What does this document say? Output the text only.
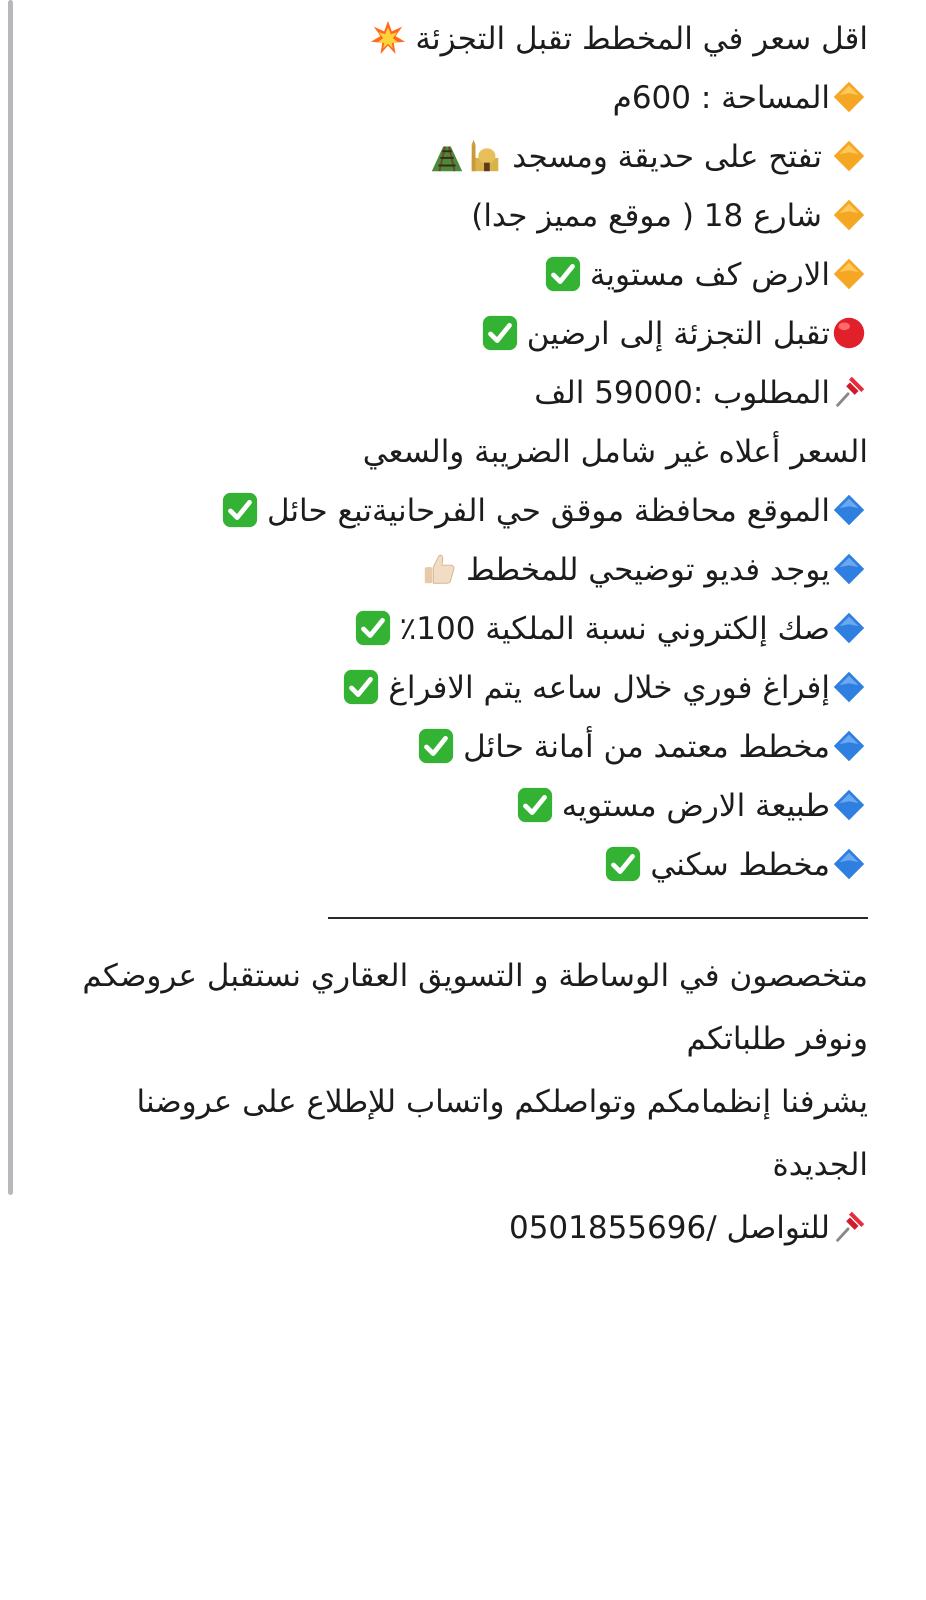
اقل سعر في المخطط تقبل التجزئة
المساحة : 600م
تفتح على حديقة ومسجد
شارع 18 ( موقع مميز جدا)
الارض كف مستوية
تقبل التجزئة إلى ارضين
المطلوب :59000 الف
السعر أعلاه غير شامل الضريبة والسعي
الموقع محافظة موقق حي الفرحانيةتبع حائل
يوجد فديو توضيحي للمخطط
صك إلكتروني نسبة الملكية 100٪
إفراغ فوري خلال ساعه يتم الافراغ
مخطط معتمد من أمانة حائل
طبيعة الارض مستويه
مخطط سكني
متخصصون في الوساطة و التسويق العقاري نستقبل عروضكم ونوفر طلباتكم
يشرفنا إنظمامكم وتواصلكم واتساب للإطلاع على عروضنا الجديدة
للتواصل /0501855696
